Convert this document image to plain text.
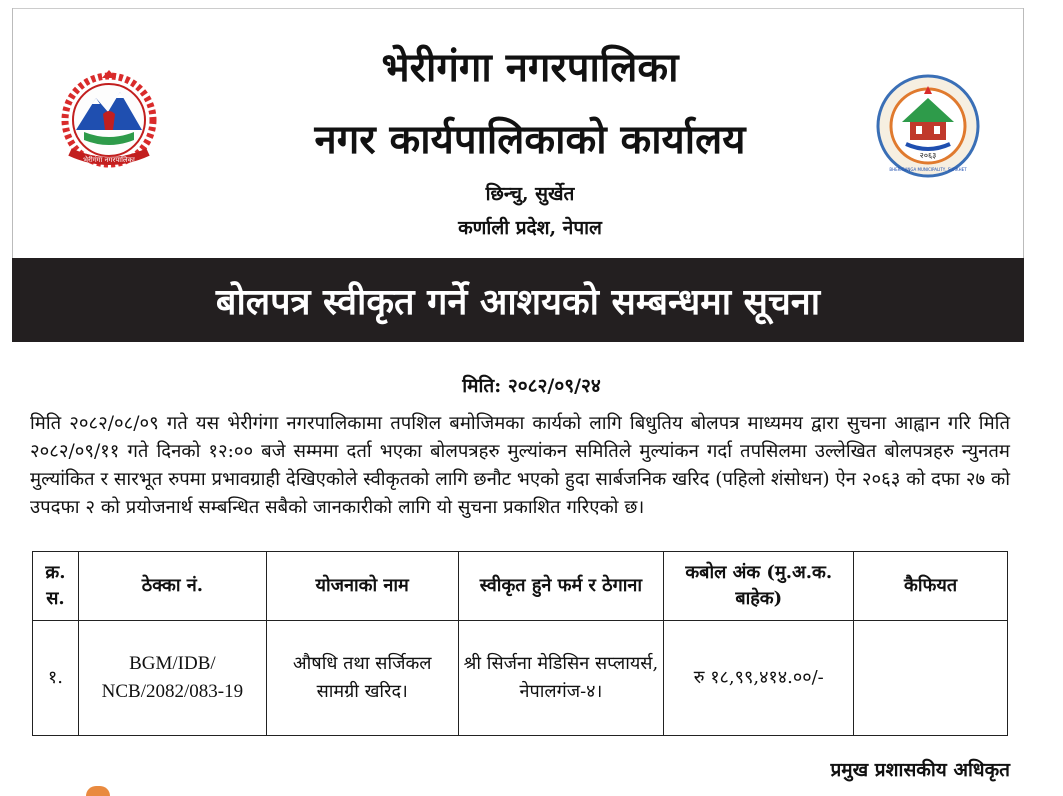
भेरीगंगा नगरपालिका	२०६३
BHERIGANGA MUNICIPALITY, SURKHET
भेरीगंगा नगरपालिका
नगर कार्यपालिकाको कार्यालय
छिन्चु, सुर्खेत
कर्णाली प्रदेश, नेपाल
बोलपत्र स्वीकृत गर्ने आशयको सम्बन्धमा सूचना
मिति: २०८२/०९/२४
मिति २०८२/०८/०९ गते यस भेरीगंगा नगरपालिकामा तपशिल बमोजिमका कार्यको लागि बिधुतिय बोलपत्र माध्यमय द्वारा सुचना आह्वान गरि मिति २०८२/०९/११ गते दिनको १२:०० बजे सम्ममा दर्ता भएका बोलपत्रहरु मुल्यांकन समितिले मुल्यांकन गर्दा तपसिलमा उल्लेखित बोलपत्रहरु न्युनतम मुल्यांकित र सारभूत रुपमा प्रभावग्राही देखिएकोले स्वीकृतको लागि छनौट भएको हुदा सार्बजनिक खरिद (पहिलो शंसोधन) ऐन २०६३ को दफा २७ को उपदफा २ को प्रयोजनार्थ सम्बन्धित सबैको जानकारीको लागि यो सुचना प्रकाशित गरिएको छ।
क्र. स.	ठेक्का नं.	योजनाको नाम	स्वीकृत हुने फर्म र ठेगाना	कबोल अंक (मु.अ.क. बाहेक)	कैफियत
१.	BGM/IDB/ NCB/2082/083-19	औषधि तथा सर्जिकल सामग्री खरिद।	श्री सिर्जना मेडिसिन सप्लायर्स, नेपालगंज-४।	रु १८,९९,४१४.००/-	
प्रमुख प्रशासकीय अधिकृत
